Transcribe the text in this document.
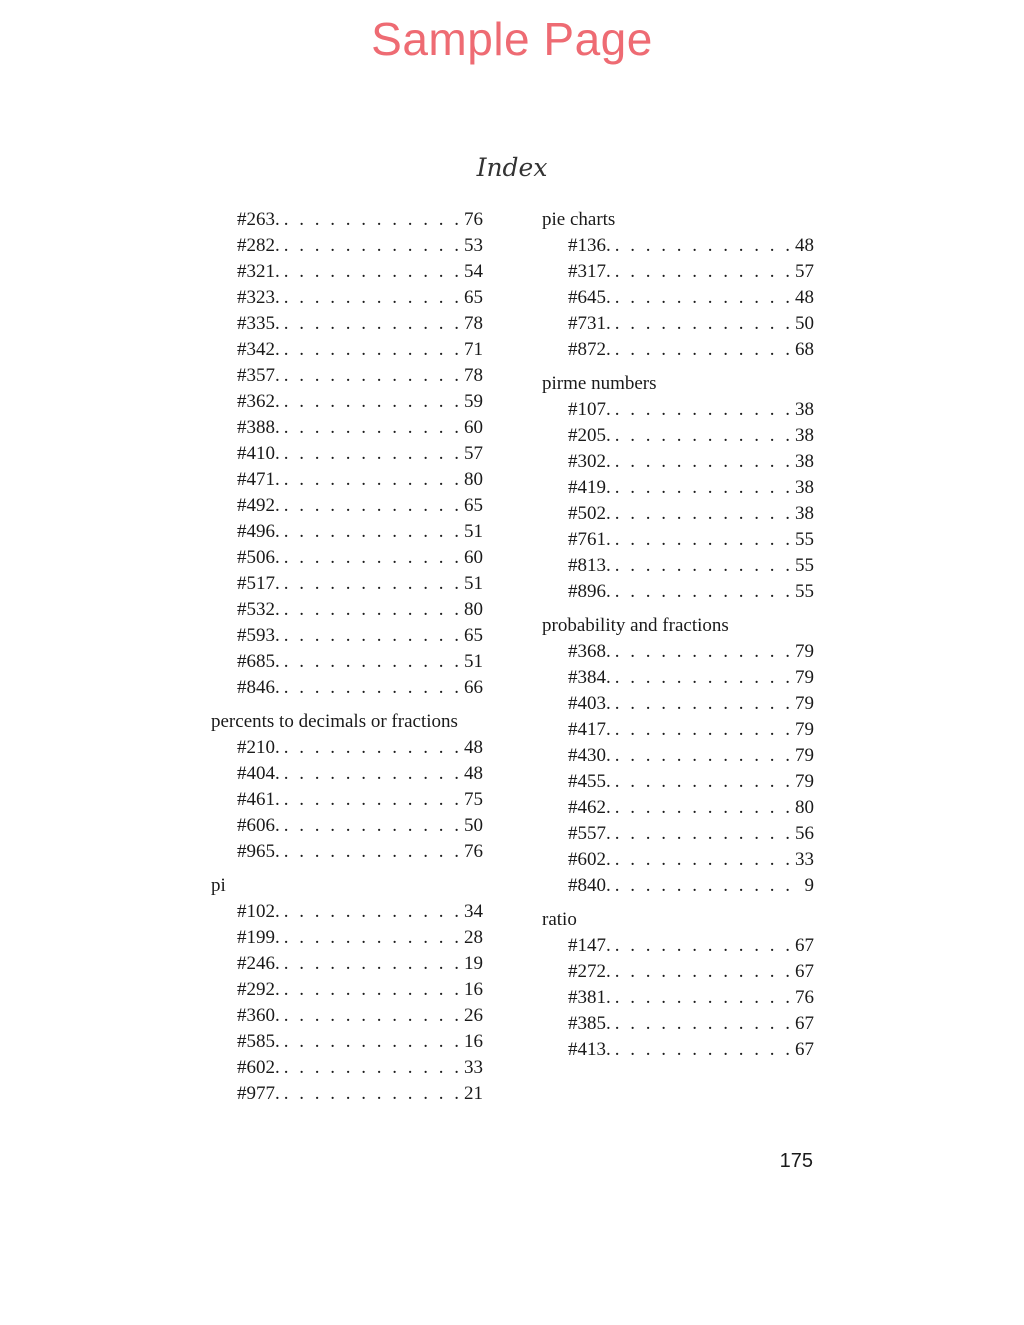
Sample Page
Index
#263. . . .	76
#282. . . .	53
#321. . . .	54
#323. . . .	65
#335. . . .	78
#342. . . .	71
#357. . . .	78
#362. . . .	59
#388. . . .	60
#410. . . .	57
#471. . . .	80
#492. . . .	65
#496. . . .	51
#506. . . .	60
#517. . . .	51
#532. . . .	80
#593. . . .	65
#685. . . .	51
#846. . . .	66
percents to decimals or fractions
#210. . . .	48
#404. . . .	48
#461. . . .	75
#606. . . .	50
#965. . . .	76
pi
#102. . . .	34
#199. . . .	28
#246. . . .	19
#292. . . .	16
#360. . . .	26
#585. . . .	16
#602. . . .	33
#977. . . .	21
pie charts
#136. . . .	48
#317. . . .	57
#645. . . .	48
#731. . . .	50
#872. . . .	68
pirme numbers
#107. . . .	38
#205. . . .	38
#302. . . .	38
#419. . . .	38
#502. . . .	38
#761. . . .	55
#813. . . .	55
#896. . . .	55
probability and fractions
#368. . . .	79
#384. . . .	79
#403. . . .	79
#417. . . .	79
#430. . . .	79
#455. . . .	79
#462. . . .	80
#557. . . .	56
#602. . . .	33
#840. . . .	9
ratio
#147. . . .	67
#272. . . .	67
#381. . . .	76
#385. . . .	67
#413. . . .	67
175
